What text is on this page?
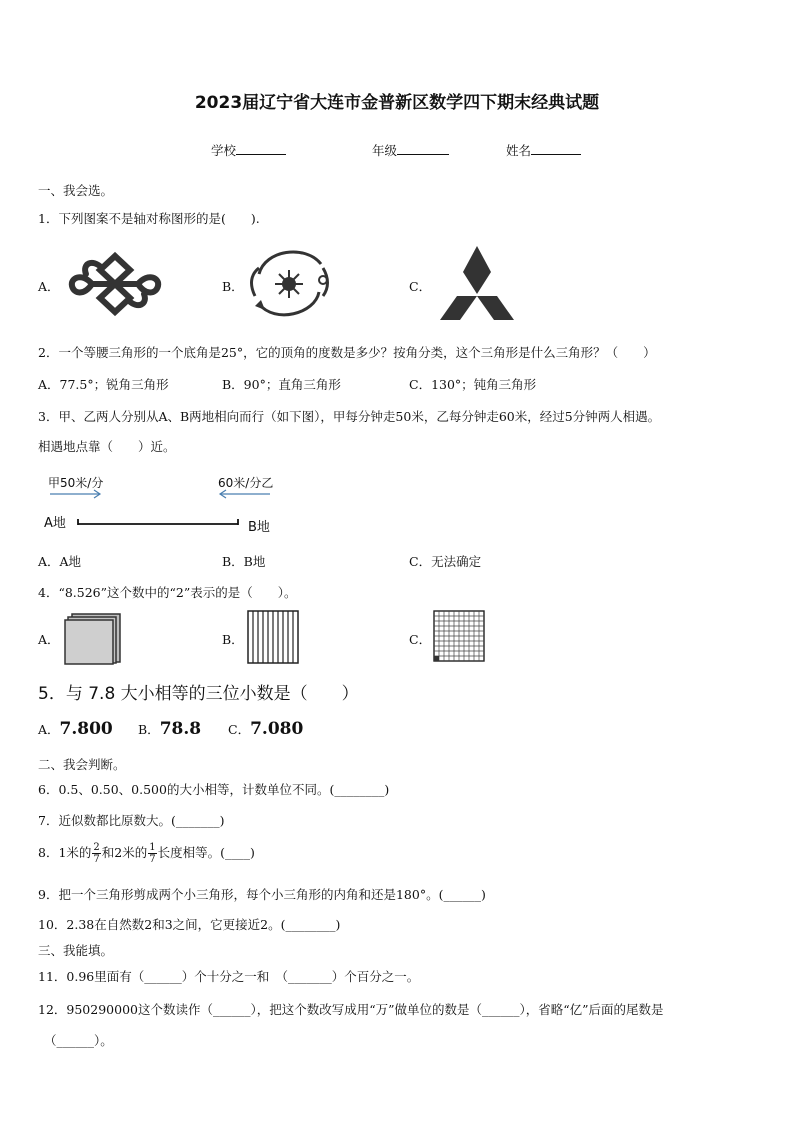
2023届辽宁省大连市金普新区数学四下期末经典试题
学校	年级	姓名
一、我会选。
1．下列图案不是轴对称图形的是(　　).
A．	B．	C．
2．一个等腰三角形的一个底角是25°，它的顶角的度数是多少？按角分类，这个三角形是什么三角形？（　　）
A．77.5°；锐角三角形	B．90°；直角三角形	C．130°；钝角三角形
3．甲、乙两人分别从A、B两地相向而行（如下图），甲每分钟走50米，乙每分钟走60米，经过5分钟两人相遇。
相遇地点靠（　　）近。
甲50米/分	60米/分乙
A地	B地
A．A地	B．B地	C．无法确定
4．“8.526”这个数中的“2”表示的是（　　）。
A．	B．	C．
5．与 7.8 大小相等的三位小数是（　　）
A．7.800 B．78.8 C．7.080
二、我会判断。
6．0.5、0.50、0.500的大小相等，计数单位不同。(________)
7．近似数都比原数大。(_______)
8．1米的 $\frac{2}{7}$ 和2米的 $\frac{1}{7}$ 长度相等。(____)
9．把一个三角形剪成两个小三角形，每个小三角形的内角和还是180°。(______)
10．2.38在自然数2和3之间，它更接近2。(________)
三、我能填。
11．0.96里面有（______）个十分之一和　（_______）个百分之一。
12．950290000这个数读作（______），把这个数改写成用“万”做单位的数是（______），省略“亿”后面的尾数是
（______）。
